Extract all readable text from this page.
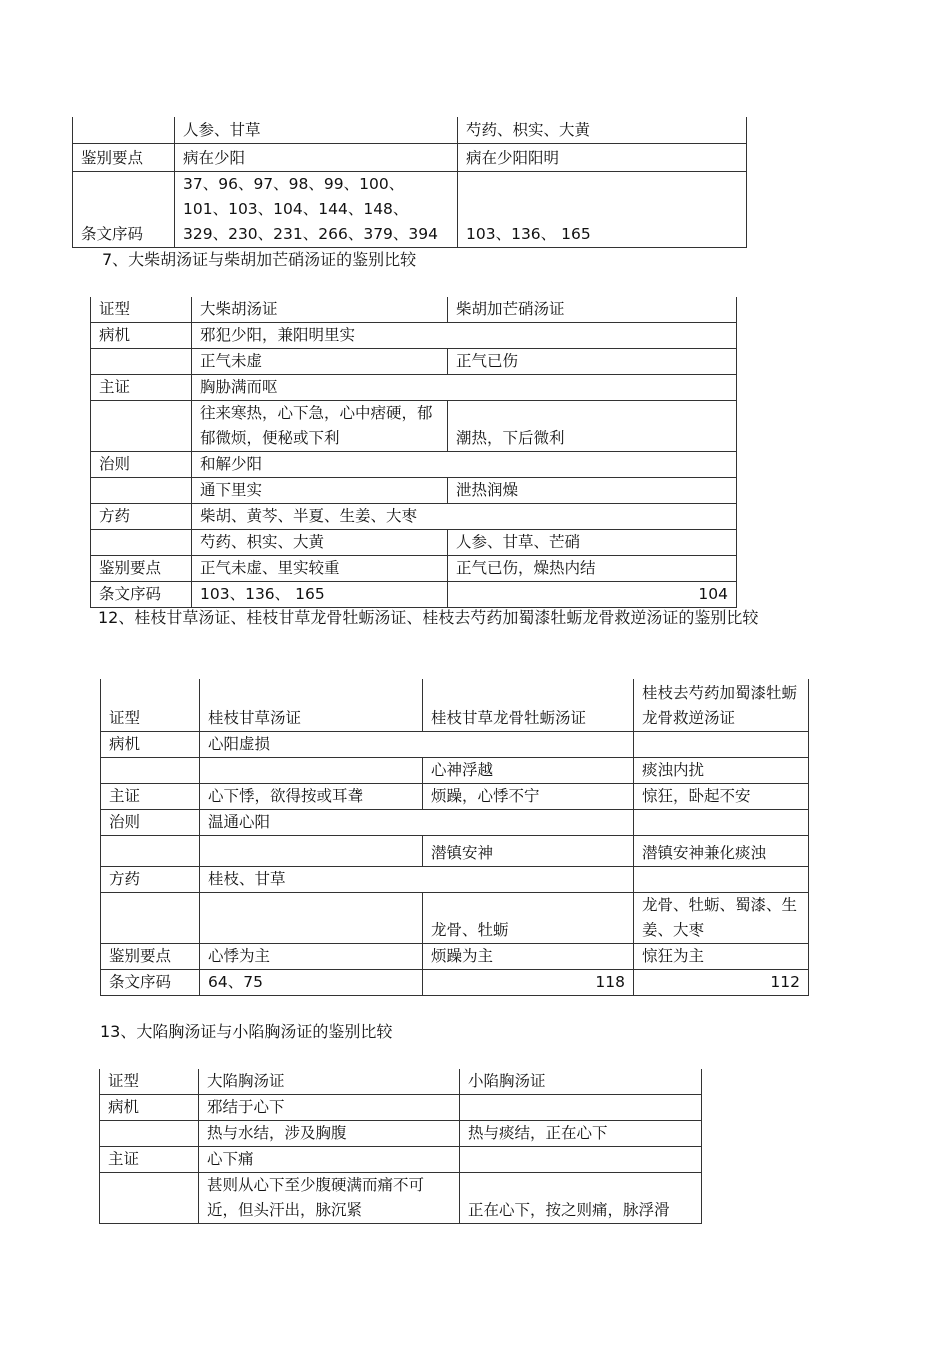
	人参、甘草	芍药、枳实、大黄
鉴别要点	病在少阳	病在少阳阳明
条文序码	37、96、97、98、99、100、101、103、104、144、148、329、230、231、266、379、394	103、136、 165
7、大柴胡汤证与柴胡加芒硝汤证的鉴别比较
证型	大柴胡汤证	柴胡加芒硝汤证
病机	邪犯少阳，兼阳明里实	
	正气未虚	正气已伤
主证	胸胁满而呕	
	往来寒热，心下急，心中痞硬，郁郁微烦，便秘或下利	潮热，下后微利
治则	和解少阳	
	通下里实	泄热润燥
方药	柴胡、黄芩、半夏、生姜、大枣	
	芍药、枳实、大黄	人参、甘草、芒硝
鉴别要点	正气未虚、里实较重	正气已伤，燥热内结
条文序码	103、136、 165	104
12、桂枝甘草汤证、桂枝甘草龙骨牡蛎汤证、桂枝去芍药加蜀漆牡蛎龙骨救逆汤证的鉴别比较
证型	桂枝甘草汤证	桂枝甘草龙骨牡蛎汤证	桂枝去芍药加蜀漆牡蛎龙骨救逆汤证
病机	心阳虚损		
		心神浮越	痰浊内扰
主证	心下悸，欲得按或耳聋	烦躁，心悸不宁	惊狂，卧起不安
治则	温通心阳		
		潜镇安神	潜镇安神兼化痰浊
方药	桂枝、甘草		
		龙骨、牡蛎	龙骨、牡蛎、蜀漆、生姜、大枣
鉴别要点	心悸为主	烦躁为主	惊狂为主
条文序码	64、75	118	112
13、大陷胸汤证与小陷胸汤证的鉴别比较
证型	大陷胸汤证	小陷胸汤证
病机	邪结于心下	
	热与水结，涉及胸腹	热与痰结，正在心下
主证	心下痛	
	甚则从心下至少腹硬满而痛不可近，但头汗出，脉沉紧	正在心下，按之则痛，脉浮滑
